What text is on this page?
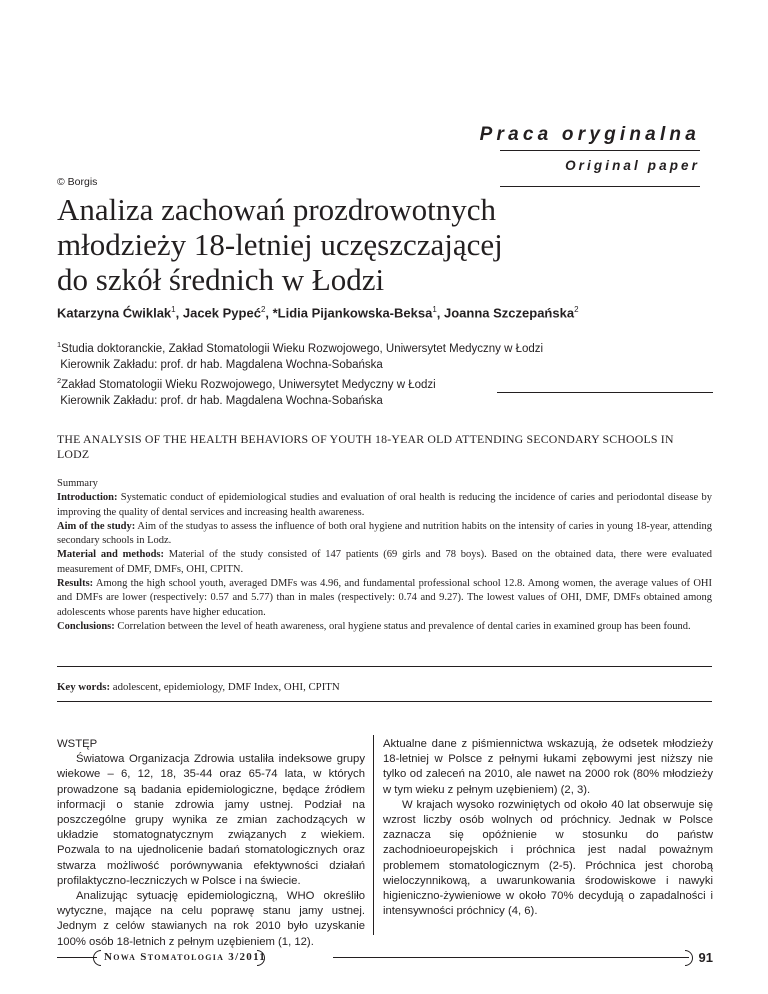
Praca oryginalna
Original paper
© Borgis
Analiza zachowań prozdrowotnych
młodzieży 18-letniej uczęszczającej
do szkół średnich w Łodzi
Katarzyna Ćwiklak$^1$, Jacek Pypeć$^2$, *Lidia Pijankowska-Beksa$^1$, Joanna Szczepańska$^2$
$^1$Studia doktoranckie, Zakład Stomatologii Wieku Rozwojowego, Uniwersytet Medyczny w Łodzi
Kierownik Zakładu: prof. dr hab. Magdalena Wochna-Sobańska
$^2$Zakład Stomatologii Wieku Rozwojowego, Uniwersytet Medyczny w Łodzi
Kierownik Zakładu: prof. dr hab. Magdalena Wochna-Sobańska
THE ANALYSIS OF THE HEALTH BEHAVIORS OF YOUTH 18-YEAR OLD ATTENDING SECONDARY SCHOOLS IN LODZ
Summary
Introduction: Systematic conduct of epidemiological studies and evaluation of oral health is reducing the incidence of caries and periodontal disease by improving the quality of dental services and increasing health awareness.
Aim of the study: Aim of the studyas to assess the influence of both oral hygiene and nutrition habits on the intensity of caries in young 18-year, attending secondary schools in Lodz.
Material and methods: Material of the study consisted of 147 patients (69 girls and 78 boys). Based on the obtained data, there were evaluated measurement of DMF, DMFs, OHI, CPITN.
Results: Among the high school youth, averaged DMFs was 4.96, and fundamental professional school 12.8. Among women, the average values of OHI and DMFs are lower (respectively: 0.57 and 5.77) than in males (respectively: 0.74 and 9.27). The lowest values of OHI, DMF, DMFs obtained among adolescents whose parents have higher education.
Conclusions: Correlation between the level of heath awareness, oral hygiene status and prevalence of dental caries in examined group has been found.
Key words: adolescent, epidemiology, DMF Index, OHI, CPITN

WSTĘP

Światowa Organizacja Zdrowia ustaliła indeksowe grupy wiekowe – 6, 12, 18, 35-44 oraz 65-74 lata, w których prowadzone są badania epidemiologiczne, będące źródłem informacji o stanie zdrowia jamy ustnej. Podział na poszczególne grupy wynika ze zmian zachodzących w układzie stomatognatycznym związanych z wiekiem. Pozwala to na ujednolicenie badań stomatologicznych oraz stwarza możliwość porównywania efektywności działań profilaktyczno-leczniczych w Polsce i na świecie.

Analizując sytuację epidemiologiczną, WHO określiło wytyczne, mające na celu poprawę stanu jamy ustnej. Jednym z celów stawianych na rok 2010 było uzyskanie 100% osób 18-letnich z pełnym uzębieniem (1, 12).

Aktualne dane z piśmiennictwa wskazują, że odsetek młodzieży 18-letniej w Polsce z pełnymi łukami zębowymi jest niższy nie tylko od zaleceń na 2010, ale nawet na 2000 rok (80% młodzieży w tym wieku z pełnym uzębieniem) (2, 3).

W krajach wysoko rozwiniętych od około 40 lat obserwuje się wzrost liczby osób wolnych od próchnicy. Jednak w Polsce zaznacza się opóźnienie w stosunku do państw zachodnioeuropejskich i próchnica jest nadal poważnym problemem stomatologicznym (2-5). Próchnica jest chorobą wieloczynnikową, a uwarunkowania środowiskowe i nawyki higieniczno-żywieniowe w około 70% decydują o zapadalności i intensywności próchnicy (4, 6).

Nowa Stomatologia 3/2011	91
